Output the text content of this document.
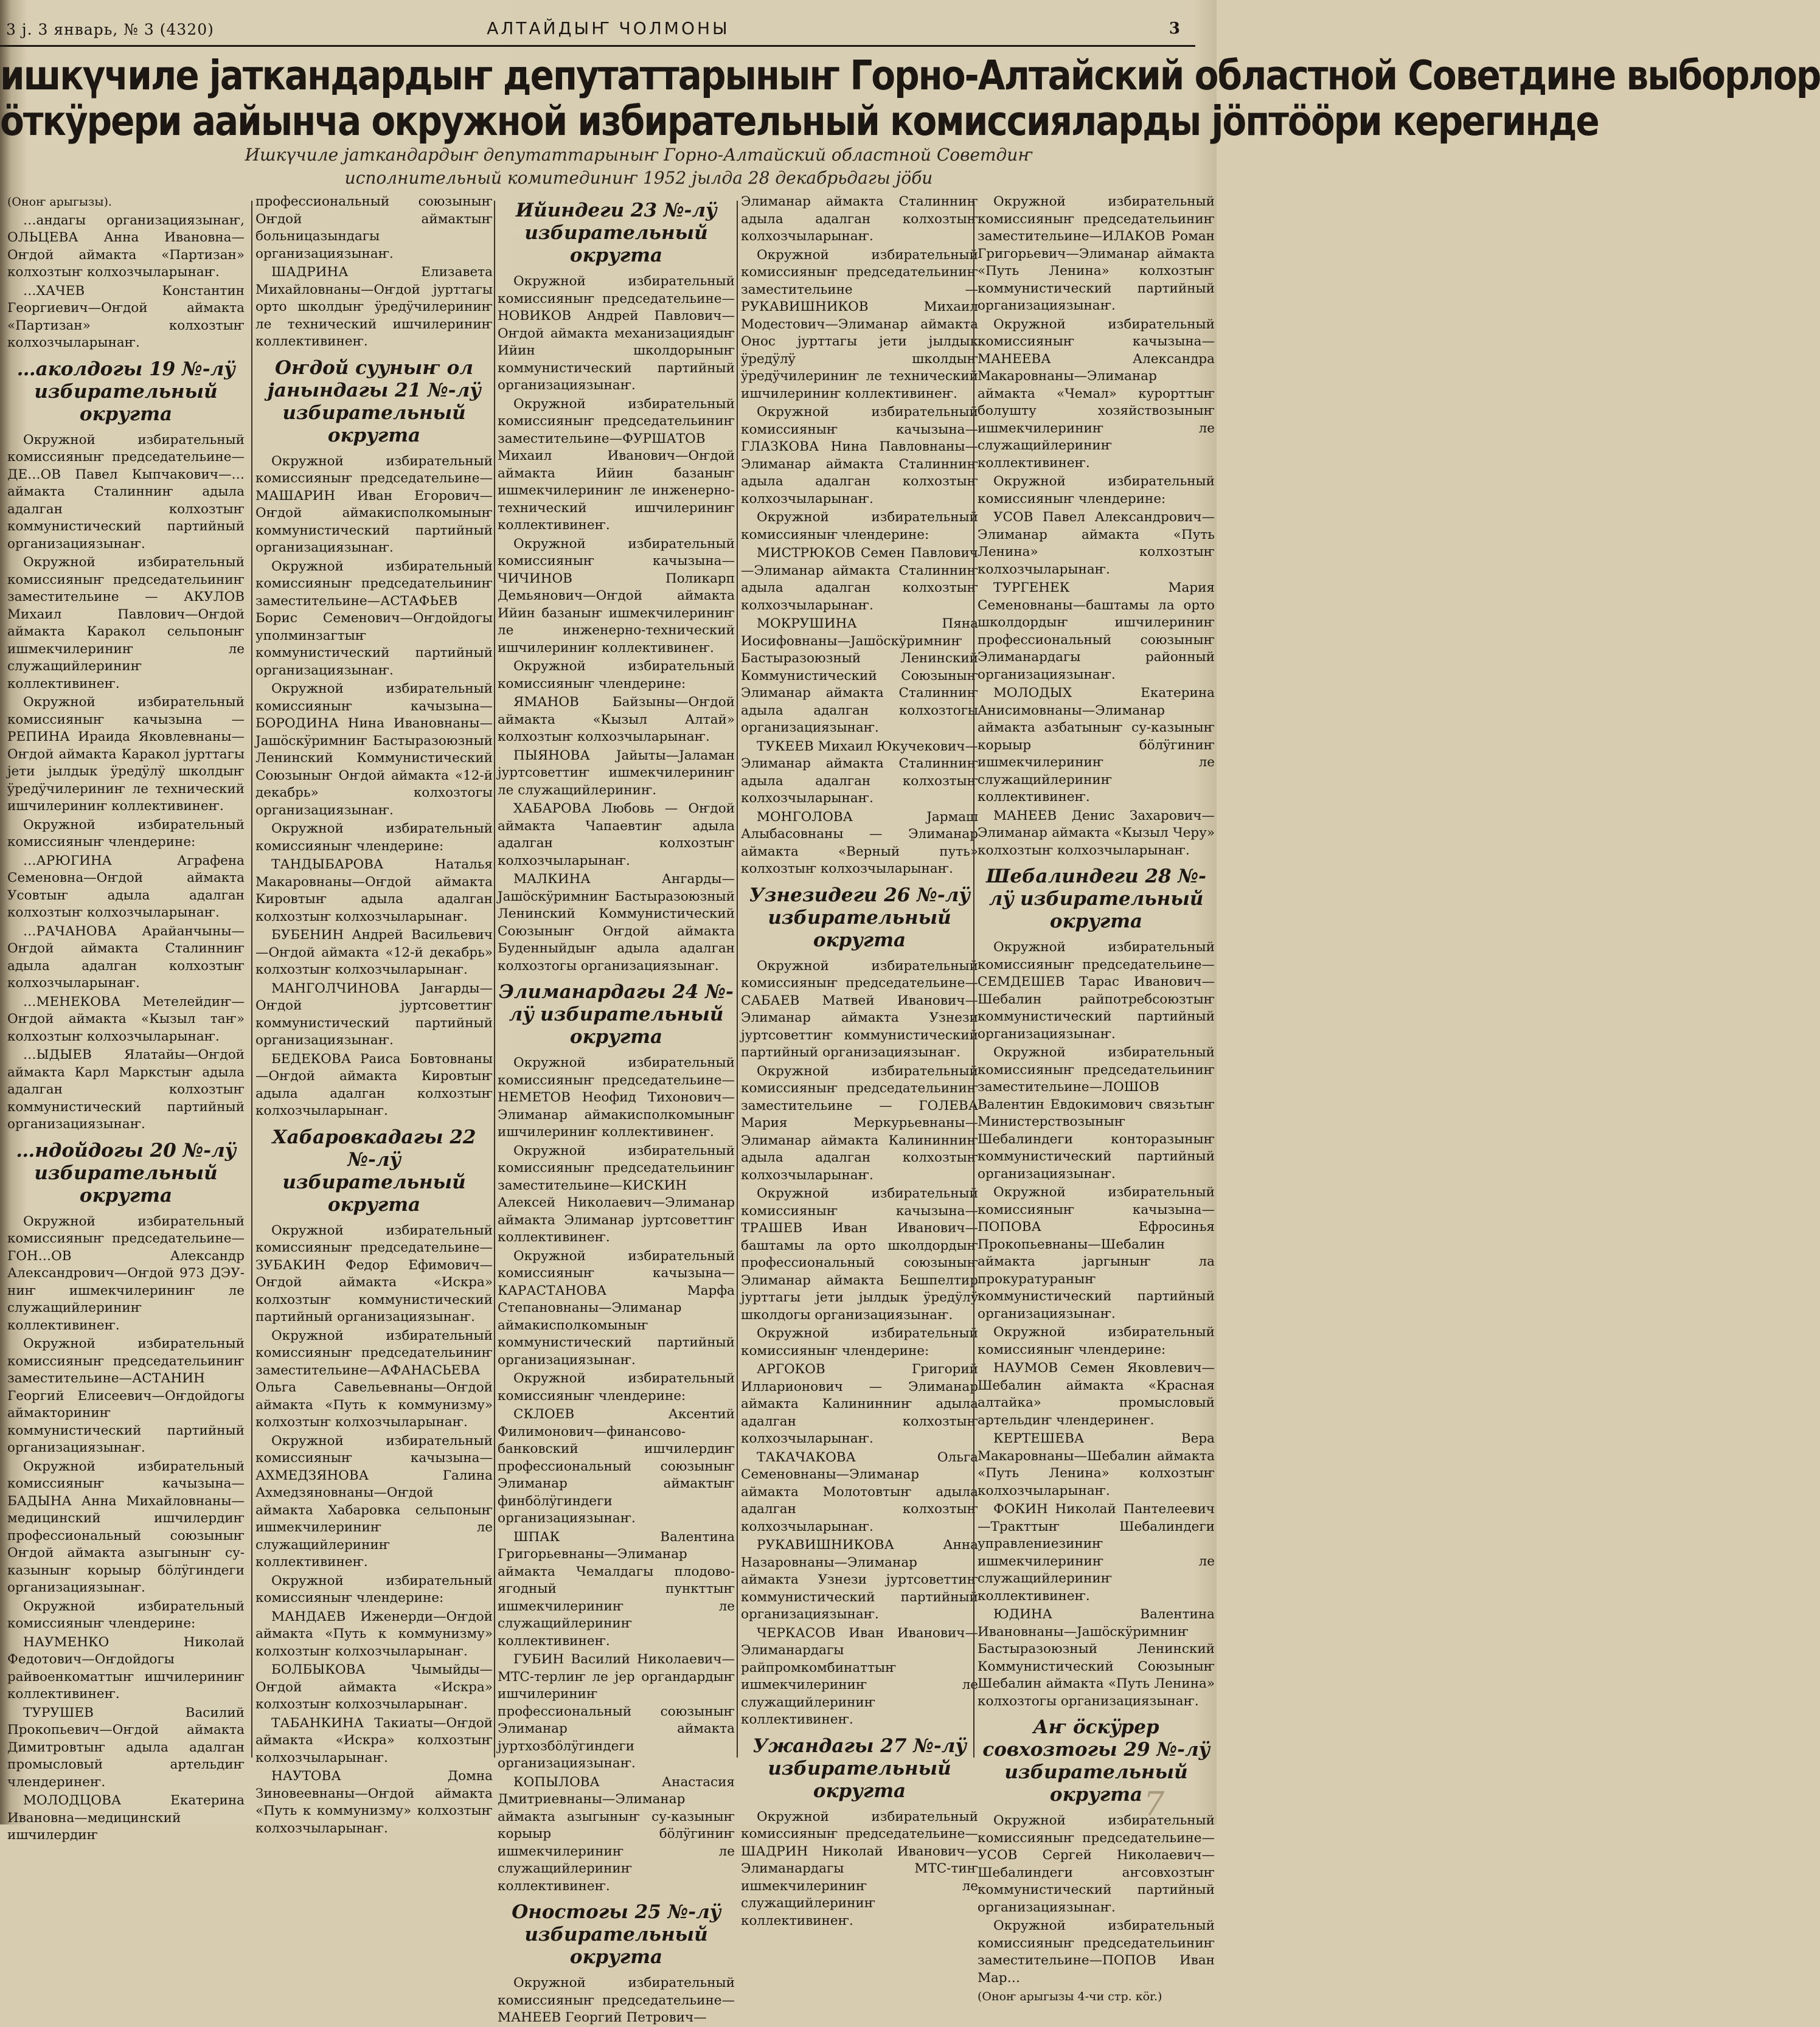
3 ј. 3 январь, № 3 (4320)	АЛТАЙДЫҤ ЧОЛМОНЫ	3
ишкүчиле јаткандардыҥ депутаттарыныҥ Горно-Алтайский областной Советдине выборлор
öткÿрери аайынча окружной избирательный комиссияларды јöптööри керегинде
Ишкүчиле јаткандардыҥ депутаттарыныҥ Горно-Алтайский областной Советдиҥ
исполнительный комитединиҥ 1952 јылда 28 декабрьдагы јöби

(Оноҥ арыгызы).

…андагы организациязынаҥ, ОЛЬЦЕВА Анна Ивановна—Оҥдой аймакта «Партизан» колхозтыҥ колхозчыларынаҥ.

…ХАЧЕВ Константин Георгиевич—Оҥдой аймакта «Партизан» колхозтыҥ колхозчыларынаҥ.

…аколдогы 19 №-лÿ избирательный округта

Окружной избирательный комиссияныҥ председательине—ДЕ…ОВ Павел Кыпчакович—…аймакта Сталинниҥ адыла адалган колхозтыҥ коммунистический партийный организациязынаҥ.

Окружной избирательный комиссияныҥ председательиниҥ заместительине — АКУЛОВ Михаил Павлович—Оҥдой аймакта Каракол сельпоныҥ ишмекчилериниҥ ле служащийлериниҥ коллективинеҥ.

Окружной избирательный комиссияныҥ качызына — РЕПИНА Ираида Яковлевнаны—Оҥдой аймакта Каракол јурттагы јети јылдык ÿредÿлÿ школдыҥ ÿредÿчилериниҥ ле технический ишчилериниҥ коллективинеҥ.

Окружной избирательный комиссияныҥ члендерине:

…АРЮГИНА Аграфена Семеновна—Оҥдой аймакта Усовтыҥ адыла адалган колхозтыҥ колхозчыларынаҥ.

…РАЧАНОВА Арайанчыны—Оҥдой аймакта Сталинниҥ адыла адалган колхозтыҥ колхозчыларынаҥ.

…МЕНЕКОВА Метелейдиҥ—Оҥдой аймакта «Кызыл таҥ» колхозтыҥ колхозчыларынаҥ.

…ЫДЫЕВ Ялатайы—Оҥдой аймакта Карл Маркстыҥ адыла адалган колхозтыҥ коммунистический партийный организациязынаҥ.

…ндойдогы 20 №-лÿ избирательный округта

Окружной избирательный комиссияныҥ председательине—ГОН…ОВ Александр Александрович—Оҥдой 973 ДЭУ-ниҥ ишмекчилериниҥ ле служащийлериниҥ коллективинеҥ.

Окружной избирательный комиссияныҥ председательиниҥ заместительине—АСТАНИН Георгий Елисеевич—Оҥдойдогы аймакториниҥ коммунистический партийный организациязынаҥ.

Окружной избирательный комиссияныҥ качызына—БАДЫНА Анна Михайловнаны—медицинский ишчилердиҥ профессиональный союзыныҥ Оҥдой аймакта азыгыныҥ су-казыныҥ корыыр бöлÿгиндеги организациязынаҥ.

Окружной избирательный комиссияныҥ члендерине:

НАУМЕНКО Николай Федотович—Оҥдойдогы райвоенкоматтыҥ ишчилериниҥ коллективинеҥ.

ТУРУШЕВ Василий Прокопьевич—Оҥдой аймакта Димитровтыҥ адыла адалган промысловый артельдиҥ члендеринеҥ.

МОЛОДЦОВА Екатерина Ивановна—медицинский ишчилердиҥ

профессиональный союзыныҥ Оҥдой аймактыҥ больницазындагы организациязынаҥ.

ШАДРИНА Елизавета Михайловнаны—Оҥдой јурттагы орто школдыҥ ÿредÿчилериниҥ ле технический ишчилериниҥ коллективинеҥ.

Оҥдой сууныҥ ол јанындагы 21 №-лÿ избирательный округта

Окружной избирательный комиссияныҥ председательине—МАШАРИН Иван Егорович—Оҥдой аймакисполкомыныҥ коммунистический партийный организациязынаҥ.

Окружной избирательный комиссияныҥ председательиниҥ заместительине—АСТАФЬЕВ Борис Семенович—Оҥдойдогы уполминзагтыҥ коммунистический партийный организациязынаҥ.

Окружной избирательный комиссияныҥ качызына—БОРОДИНА Нина Ивановнаны—Јашöскÿримниҥ Бастыразоюзный Ленинский Коммунистический Союзыныҥ Оҥдой аймакта «12-й декабрь» колхозтогы организациязынаҥ.

Окружной избирательный комиссияныҥ члендерине:

ТАНДЫБАРОВА Наталья Макаровнаны—Оҥдой аймакта Кировтыҥ адыла адалган колхозтыҥ колхозчыларынаҥ.

БУБЕНИН Андрей Васильевич—Оҥдой аймакта «12-й декабрь» колхозтыҥ колхозчыларынаҥ.

МАНГОЛЧИНОВА Јаҥарды—Оҥдой јуртсоветтиҥ коммунистический партийный организациязынаҥ.

БЕДЕКОВА Раиса Бовтовнаны—Оҥдой аймакта Кировтыҥ адыла адалган колхозтыҥ колхозчыларынаҥ.

Хабаровкадагы 22 №-лÿ избирательный округта

Окружной избирательный комиссияныҥ председательине—ЗУБАКИН Федор Ефимович—Оҥдой аймакта «Искра» колхозтыҥ коммунистический партийный организациязынаҥ.

Окружной избирательный комиссияныҥ председательиниҥ заместительине—АФАНАСЬЕВА Ольга Савельевнаны—Оҥдой аймакта «Путь к коммунизму» колхозтыҥ колхозчыларынаҥ.

Окружной избирательный комиссияныҥ качызына—АХМЕДЗЯНОВА Галина Ахмедзяновнаны—Оҥдой аймакта Хабаровка сельпоныҥ ишмекчилериниҥ ле служащийлериниҥ коллективинеҥ.

Окружной избирательный комиссияныҥ члендерине:

МАНДАЕВ Иженерди—Оҥдой аймакта «Путь к коммунизму» колхозтыҥ колхозчыларынаҥ.

БОЛБЫКОВА Чымыйды—Оҥдой аймакта «Искра» колхозтыҥ колхозчыларынаҥ.

ТАБАНКИНА Такиаты—Оҥдой аймакта «Искра» колхозтыҥ колхозчыларынаҥ.

НАУТОВА Домна Зиновеевнаны—Оҥдой аймакта «Путь к коммунизму» колхозтыҥ колхозчыларынаҥ.

Ийиндеги 23 №-лÿ избирательный округта

Окружной избирательный комиссияныҥ председательине—НОВИКОВ Андрей Павлович—Оҥдой аймакта механизациядыҥ Ийин школдорыныҥ коммунистический партийный организациязынаҥ.

Окружной избирательный комиссияныҥ председательиниҥ заместительине—ФУРШАТОВ Михаил Иванович—Оҥдой аймакта Ийин базаныҥ ишмекчилериниҥ ле инженерно-технический ишчилериниҥ коллективинеҥ.

Окружной избирательный комиссияныҥ качызына—ЧИЧИНОВ Поликарп Демьянович—Оҥдой аймакта Ийин базаныҥ ишмекчилериниҥ ле инженерно-технический ишчилериниҥ коллективинеҥ.

Окружной избирательный комиссияныҥ члендерине:

ЯМАНОВ Байзыны—Оҥдой аймакта «Кызыл Алтай» колхозтыҥ колхозчыларынаҥ.

ПЫЯНОВА Јайыты—Јаламан јуртсоветтиҥ ишмекчилериниҥ ле служащийлериниҥ.

ХАБАРОВА Любовь — Оҥдой аймакта Чапаевтиҥ адыла адалган колхозтыҥ колхозчыларынаҥ.

МАЛКИНА Ангарды—Јашöскÿримниҥ Бастыразоюзный Ленинский Коммунистический Союзыныҥ Оҥдой аймакта Буденныйдыҥ адыла адалган колхозтогы организациязынаҥ.

Элиманардагы 24 №-лÿ избирательный округта

Окружной избирательный комиссияныҥ председательине—НЕМЕТОВ Неофид Тихонович—Элиманар аймакисполкомыныҥ ишчилериниҥ коллективинеҥ.

Окружной избирательный комиссияныҥ председательиниҥ заместительине—КИСКИН Алексей Николаевич—Элиманар аймакта Элиманар јуртсоветтиҥ коллективинеҥ.

Окружной избирательный комиссияныҥ качызына—КАРАСТАНОВА Марфа Степановнаны—Элиманар аймакисполкомыныҥ коммунистический партийный организациязынаҥ.

Окружной избирательный комиссияныҥ члендерине:

СКЛОЕВ Аксентий Филимонович—финансово-банковский ишчилердиҥ профессиональный союзыныҥ Элиманар аймактыҥ финбöлÿгиндеги организациязынаҥ.

ШПАК Валентина Григорьевнаны—Элиманар аймакта Чемалдагы плодово-ягодный пункттыҥ ишмекчилериниҥ ле служащийлериниҥ коллективинеҥ.

ГУБИН Василий Николаевич—МТС-терлиҥ ле јер органдардыҥ ишчилериниҥ профессиональный союзыныҥ Элиманар аймакта јуртхозбöлÿгиндеги организациязынаҥ.

КОПЫЛОВА Анастасия Дмитриевнаны—Элиманар аймакта азыгыныҥ су-казыныҥ корыыр бöлÿгиниҥ ишмекчилериниҥ ле служащийлериниҥ коллективинеҥ.

Оностогы 25 №-лÿ избирательный округта

Окружной избирательный комиссияныҥ председательине—МАНЕЕВ Георгий Петрович—

Элиманар аймакта Сталинниҥ адыла адалган колхозтыҥ колхозчыларынаҥ.

Окружной избирательный комиссияныҥ председательиниҥ заместительине — РУКАВИШНИКОВ Михаил Модестович—Элиманар аймакта Онос јурттагы јети јылдык ÿредÿлÿ школдыҥ ÿредÿчилериниҥ ле технический ишчилериниҥ коллективинеҥ.

Окружной избирательный комиссияныҥ качызына—ГЛАЗКОВА Нина Павловнаны—Элиманар аймакта Сталинниҥ адыла адалган колхозтыҥ колхозчыларынаҥ.

Окружной избирательный комиссияныҥ члендерине:

МИСТРЮКОВ Семен Павлович—Элиманар аймакта Сталинниҥ адыла адалган колхозтыҥ колхозчыларынаҥ.

МОКРУШИНА Пяна Иосифовнаны—Јашöскÿримниҥ Бастыразоюзный Ленинский Коммунистический Союзыныҥ Элиманар аймакта Сталинниҥ адыла адалган колхозтогы организациязынаҥ.

ТУКЕЕВ Михаил Юкучекович—Элиманар аймакта Сталинниҥ адыла адалган колхозтыҥ колхозчыларынаҥ.

МОНГОЛОВА Јармаш Алыбасовнаны — Элиманар аймакта «Верный путь» колхозтыҥ колхозчыларынаҥ.

Узнезидеги 26 №-лÿ избирательный округта

Окружной избирательный комиссияныҥ председательине—САБАЕВ Матвей Иванович—Элиманар аймакта Узнези јуртсоветтиҥ коммунистический партийный организациязынаҥ.

Окружной избирательный комиссияныҥ председательиниҥ заместительине — ГОЛЕВА Мария Меркурьевнаны—Элиманар аймакта Калининниҥ адыла адалган колхозтыҥ колхозчыларынаҥ.

Окружной избирательный комиссияныҥ качызына—ТРАШЕВ Иван Иванович—баштамы ла орто школдордыҥ профессиональный союзыныҥ Элиманар аймакта Бешпелтир јурттагы јети јылдык ÿредÿлÿ школдогы организациязынаҥ.

Окружной избирательный комиссияныҥ члендерине:

АРГОКОВ Григорий Илларионович — Элиманар аймакта Калининниҥ адыла адалган колхозтыҥ колхозчыларынаҥ.

ТАКАЧАКОВА Ольга Семеновнаны—Элиманар аймакта Молотовтыҥ адыла адалган колхозтыҥ колхозчыларынаҥ.

РУКАВИШНИКОВА Анна Назаровнаны—Элиманар аймакта Узнези јуртсоветтиҥ коммунистический партийный организациязынаҥ.

ЧЕРКАСОВ Иван Иванович—Элиманардагы райпромкомбинаттыҥ ишмекчилериниҥ ле служащийлериниҥ коллективинеҥ.

Ужандагы 27 №-лÿ избирательный округта

Окружной избирательный комиссияныҥ председательине—ШАДРИН Николай Иванович—Элиманардагы МТС-тиҥ ишмекчилериниҥ ле служащийлериниҥ коллективинеҥ.

Окружной избирательный комиссияныҥ председательиниҥ заместительине—ИЛАКОВ Роман Григорьевич—Элиманар аймакта «Путь Ленина» колхозтыҥ коммунистический партийный организациязынаҥ.

Окружной избирательный комиссияныҥ качызына—МАНЕЕВА Александра Макаровнаны—Элиманар аймакта «Чемал» курорттыҥ болушту хозяйствозыныҥ ишмекчилериниҥ ле служащийлериниҥ коллективинеҥ.

Окружной избирательный комиссияныҥ члендерине:

УСОВ Павел Александрович—Элиманар аймакта «Путь Ленина» колхозтыҥ колхозчыларынаҥ.

ТУРГЕНЕК Мария Семеновнаны—баштамы ла орто школдордыҥ ишчилериниҥ профессиональный союзыныҥ Элиманардагы районный организациязынаҥ.

МОЛОДЫХ Екатерина Анисимовнаны—Элиманар аймакта азбатыныҥ су-казыныҥ корыыр бöлÿгиниҥ ишмекчилериниҥ ле служащийлериниҥ коллективинеҥ.

МАНЕЕВ Денис Захарович—Элиманар аймакта «Кызыл Черу» колхозтыҥ колхозчыларынаҥ.

Шебалиндеги 28 №-лÿ избирательный округта

Окружной избирательный комиссияныҥ председательине—СЕМДЕШЕВ Тарас Иванович—Шебалин райпотребсоюзтыҥ коммунистический партийный организациязынаҥ.

Окружной избирательный комиссияныҥ председательиниҥ заместительине—ЛОШОВ Валентин Евдокимович связьтыҥ Министерствозыныҥ Шебалиндеги конторазыныҥ коммунистический партийный организациязынаҥ.

Окружной избирательный комиссияныҥ качызына—ПОПОВА Ефросинья Прокопьевнаны—Шебалин аймакта јаргыныҥ ла прокуратураныҥ коммунистический партийный организациязынаҥ.

Окружной избирательный комиссияныҥ члендерине:

НАУМОВ Семен Яковлевич—Шебалин аймакта «Красная алтайка» промысловый артельдиҥ члендеринеҥ.

КЕРТЕШЕВА Вера Макаровнаны—Шебалин аймакта «Путь Ленина» колхозтыҥ колхозчыларынаҥ.

ФОКИН Николай Пантелеевич—Тракттыҥ Шебалиндеги управлениезиниҥ ишмекчилериниҥ ле служащийлериниҥ коллективинеҥ.

ЮДИНА Валентина Ивановнаны—Јашöскÿримниҥ Бастыразоюзный Ленинский Коммунистический Союзыныҥ Шебалин аймакта «Путь Ленина» колхозтогы организациязынаҥ.

Аҥ öскÿрер совхозтогы 29 №-лÿ избирательный округта

Окружной избирательный комиссияныҥ председательине—УСОВ Сергей Николаевич—Шебалиндеги аҥсовхозтыҥ коммунистический партийный организациязынаҥ.

Окружной избирательный комиссияныҥ председательиниҥ заместительине—ПОПОВ Иван Мар…

(Оноҥ арыгызы 4-чи стр. кör.)

7
